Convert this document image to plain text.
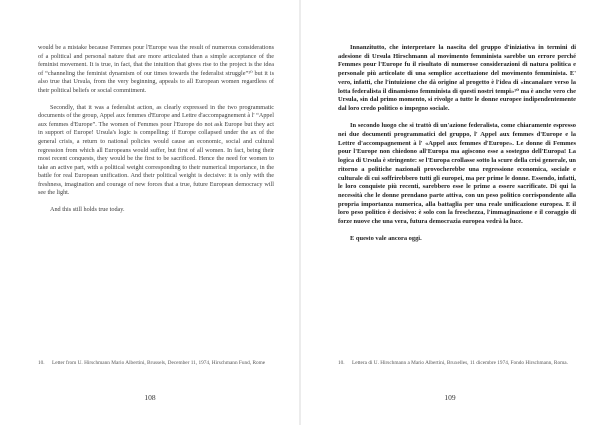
would be a mistake because Femmes pour l'Europe was the result of numerous considerations of a political and personal nature that are more articulated than a simple acceptance of the feminist movement. It is true, in fact, that the intuition that gives rise to the project is the idea of “channeling the feminist dynamism of our times towards the federalist struggle”¹⁰ but it is also true that Ursula, from the very beginning, appeals to all European women regardless of their political beliefs or social commitment.

Secondly, that it was a federalist action, as clearly expressed in the two programmatic documents of the group, Appel aux femmes d'Europe and Lettre d'accompagnement à l' “Appel aux femmes d'Europe”. The women of Femmes pour l'Europe do not ask Europe but they act in support of Europe! Ursula's logic is compelling: if Europe collapsed under the ax of the general crisis, a return to national policies would cause an economic, social and cultural regression from which all Europeans would suffer, but first of all women. In fact, being their most recent conquests, they would be the first to be sacrificed. Hence the need for women to take an active part, with a political weight corresponding to their numerical importance, in the battle for real European unification. And their political weight is decisive: it is only with the freshness, imagination and courage of new forces that a true, future European democracy will see the light.

And this still holds true today.

10. Letter from U. Hirschmann Mario Albertini, Brussels, December 11, 1974, Hirschmann Fund, Rome

108

Innanzitutto, che interpretare la nascita del gruppo d'iniziativa in termini di adesione di Ursula Hirschmann al movimento femminista sarebbe un errore perché Femmes pour l'Europe fu il risultato di numerose considerazioni di natura politica e personale più articolate di una semplice accettazione del movimento femminista. E' vero, infatti, che l'intuizione che dà origine al progetto è l'idea di «incanalare verso la lotta federalista il dinamismo femminista di questi nostri tempi»¹⁰ ma è anche vero che Ursula, sin dal primo momento, si rivolge a tutte le donne europee indipendentemente dal loro credo politico o impegno sociale.

In secondo luogo che si trattò di un'azione federalista, come chiaramente espresso nei due documenti programmatici del gruppo, l' Appel aux femmes d'Europe e la Lettre d'accompagnement à l' «Appel aux femmes d'Europe». Le donne di Femmes pour l'Europe non chiedono all'Europa ma agiscono esse a sostegno dell'Europa! La logica di Ursula è stringente: se l'Europa crollasse sotto la scure della crisi generale, un ritorno a politiche nazionali provocherebbe una regressione economica, sociale e culturale di cui soffrirebbero tutti gli europei, ma per prime le donne. Essendo, infatti, le loro conquiste più recenti, sarebbero esse le prime a essere sacrificate. Di qui la necessità che le donne prendano parte attiva, con un peso politico corrispondente alla propria importanza numerica, alla battaglia per una reale unificazione europea. E il loro peso politico è decisivo: è solo con la freschezza, l'immaginazione e il coraggio di forze nuove che una vera, futura democrazia europea vedrà la luce.

E questo vale ancora oggi.

10. Lettera di U. Hirschmann a Mario Albertini, Bruxelles, 11 dicembre 1974, Fondo Hirschmann, Roma.

109
